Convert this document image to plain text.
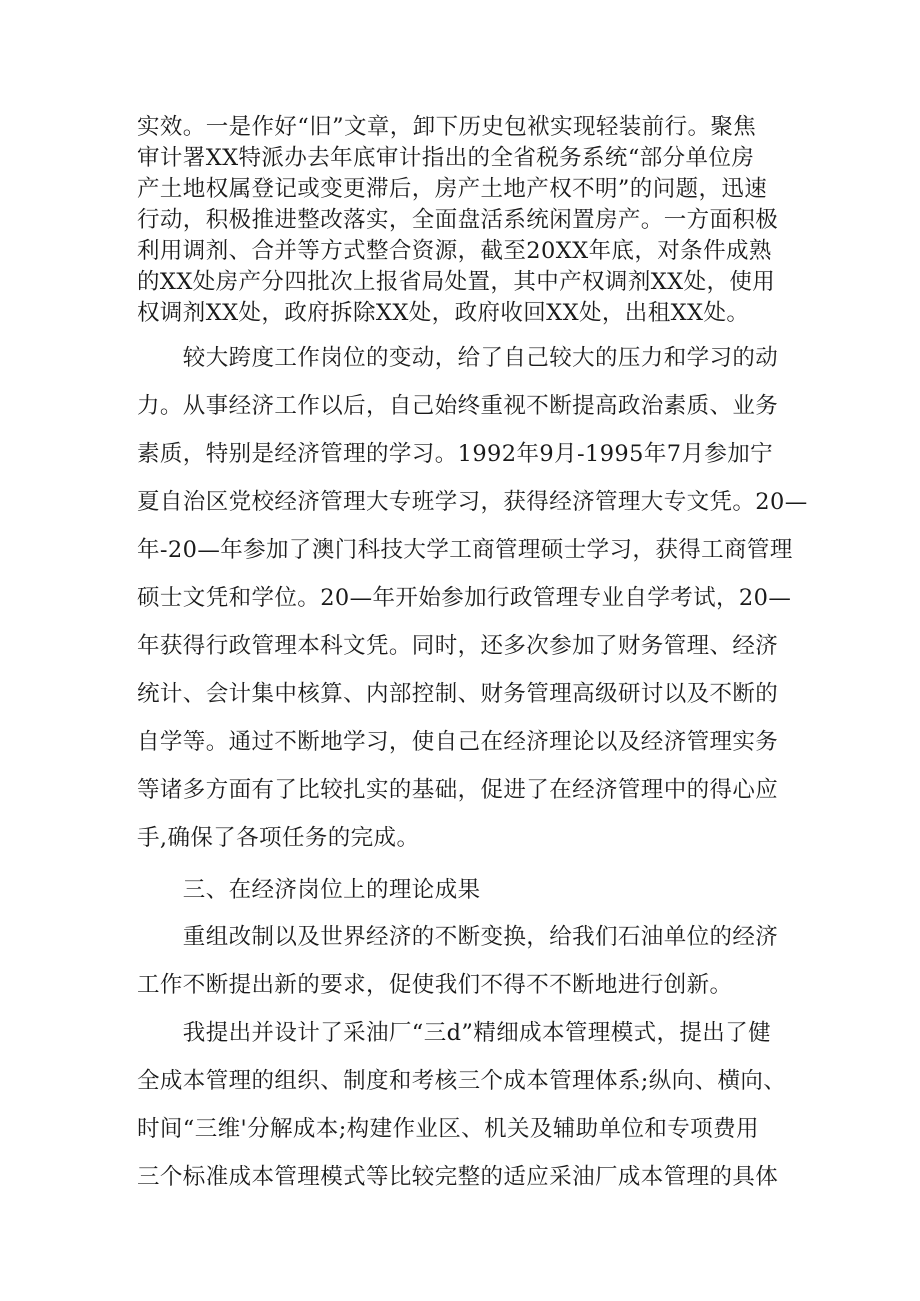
实效。一是作好“旧”文章，卸下历史包袱实现轻装前行。聚焦
审计署XX特派办去年底审计指出的全省税务系统“部分单位房
产土地权属登记或变更滞后，房产土地产权不明”的问题，迅速
行动，积极推进整改落实，全面盘活系统闲置房产。一方面积极
利用调剂、合并等方式整合资源，截至20XX年底，对条件成熟
的XX处房产分四批次上报省局处置，其中产权调剂XX处，使用
权调剂XX处，政府拆除XX处，政府收回XX处，出租XX处。
　　较大跨度工作岗位的变动，给了自己较大的压力和学习的动
力。从事经济工作以后，自己始终重视不断提高政治素质、业务
素质，特别是经济管理的学习。1992年9月-1995年7月参加宁
夏自治区党校经济管理大专班学习，获得经济管理大专文凭。20—
年-20—年参加了澳门科技大学工商管理硕士学习，获得工商管理
硕士文凭和学位。20—年开始参加行政管理专业自学考试，20—
年获得行政管理本科文凭。同时，还多次参加了财务管理、经济
统计、会计集中核算、内部控制、财务管理高级研讨以及不断的
自学等。通过不断地学习，使自己在经济理论以及经济管理实务
等诸多方面有了比较扎实的基础，促进了在经济管理中的得心应
手,确保了各项任务的完成。
　　三、在经济岗位上的理论成果
　　重组改制以及世界经济的不断变换，给我们石油单位的经济
工作不断提出新的要求，促使我们不得不不断地进行创新。
　　我提出并设计了采油厂“三d”精细成本管理模式，提出了健
全成本管理的组织、制度和考核三个成本管理体系;纵向、横向、
时间“三维'分解成本;构建作业区、机关及辅助单位和专项费用
三个标准成本管理模式等比较完整的适应采油厂成本管理的具体
